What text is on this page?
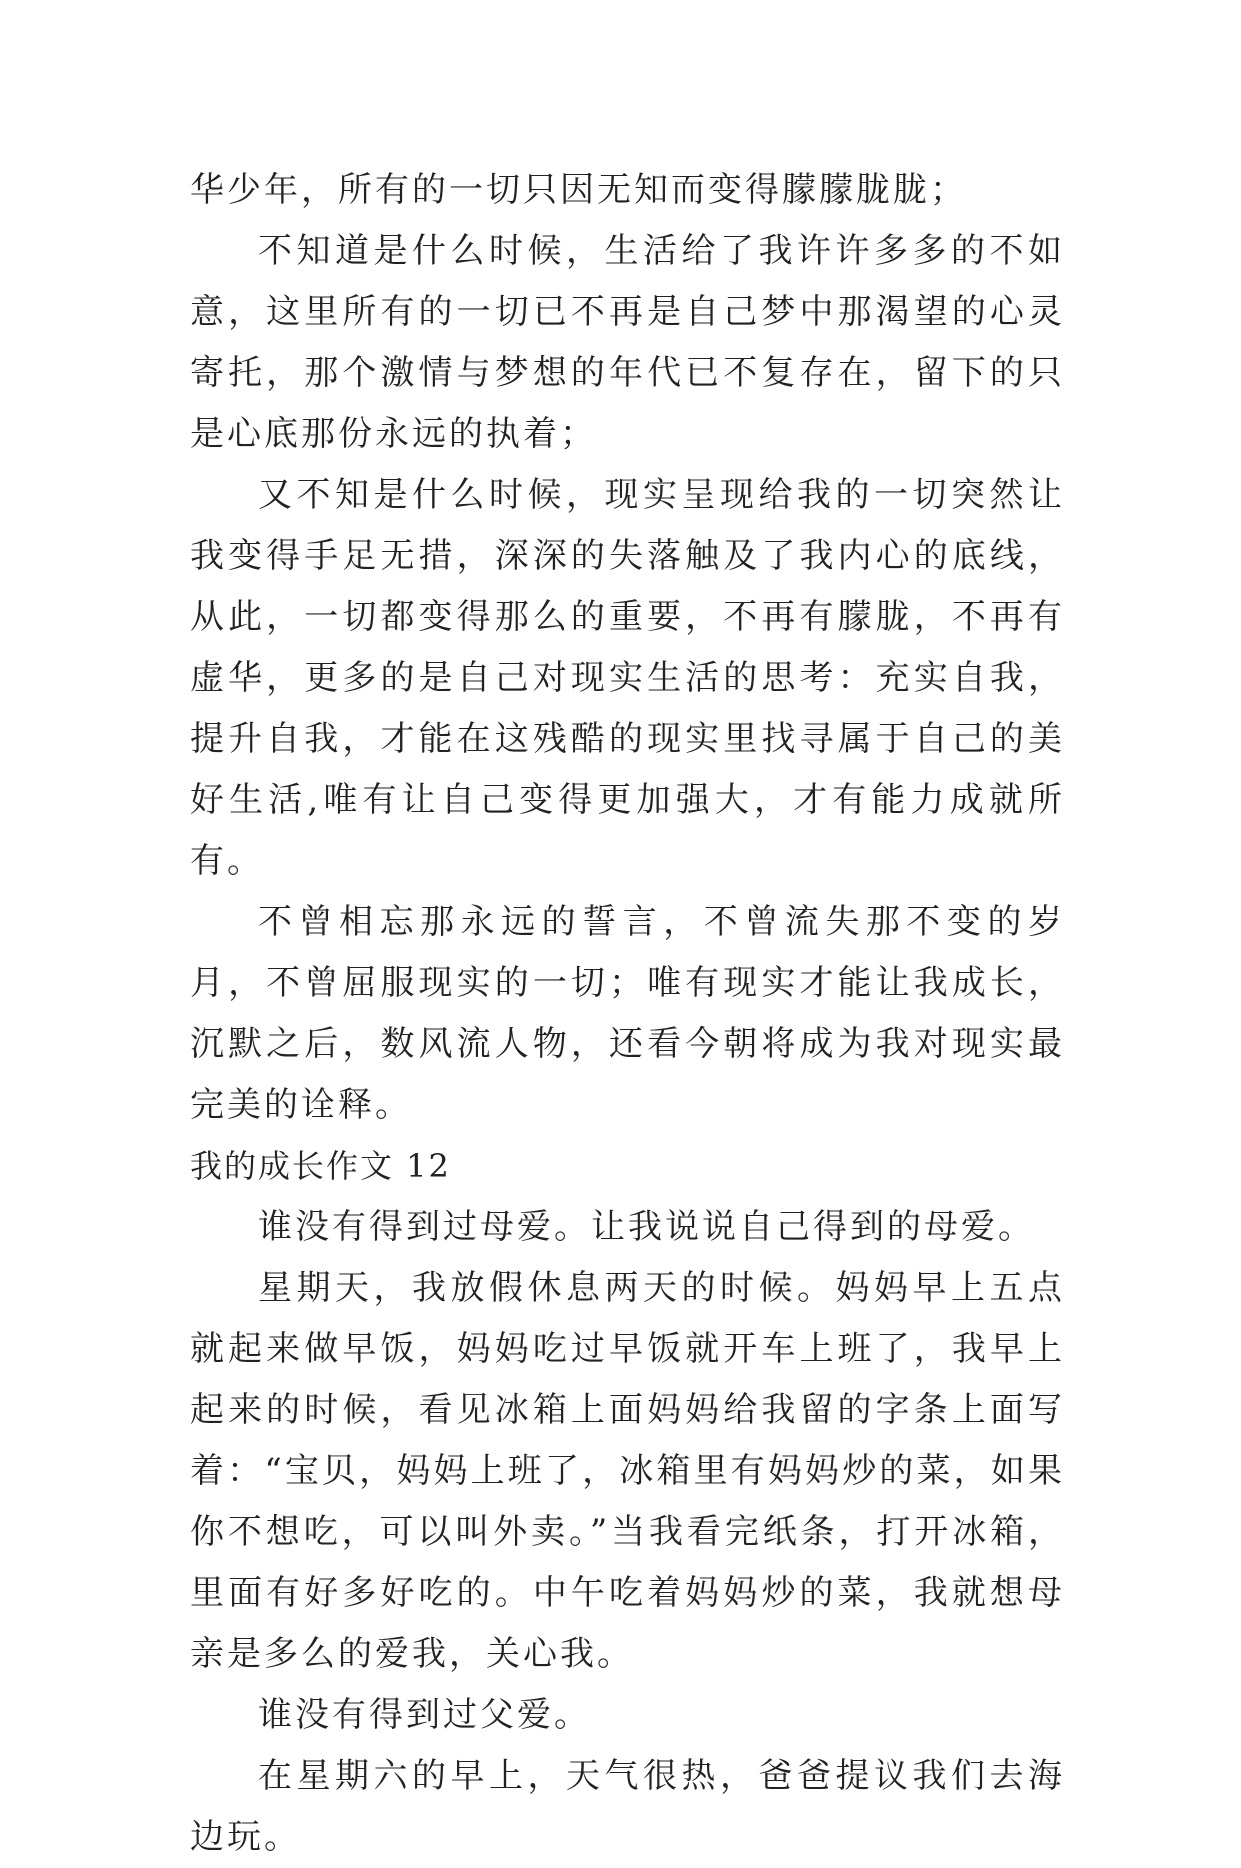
华少年，所有的一切只因无知而变得朦朦胧胧；

不知道是什么时候，生活给了我许许多多的不如意，这里所有的一切已不再是自己梦中那渴望的心灵寄托，那个激情与梦想的年代已不复存在，留下的只是心底那份永远的执着；

又不知是什么时候，现实呈现给我的一切突然让我变得手足无措，深深的失落触及了我内心的底线，从此，一切都变得那么的重要，不再有朦胧，不再有虚华，更多的是自己对现实生活的思考：充实自我，提升自我，才能在这残酷的现实里找寻属于自己的美好生活,唯有让自己变得更加强大，才有能力成就所有。

不曾相忘那永远的誓言，不曾流失那不变的岁月，不曾屈服现实的一切；唯有现实才能让我成长，沉默之后，数风流人物，还看今朝将成为我对现实最完美的诠释。

我的成长作文 12

谁没有得到过母爱。让我说说自己得到的母爱。

星期天，我放假休息两天的时候。妈妈早上五点就起来做早饭，妈妈吃过早饭就开车上班了，我早上起来的时候，看见冰箱上面妈妈给我留的字条上面写着：“宝贝，妈妈上班了，冰箱里有妈妈炒的菜，如果你不想吃，可以叫外卖。”当我看完纸条，打开冰箱，里面有好多好吃的。中午吃着妈妈炒的菜，我就想母亲是多么的爱我，关心我。

谁没有得到过父爱。

在星期六的早上，天气很热，爸爸提议我们去海边玩。
